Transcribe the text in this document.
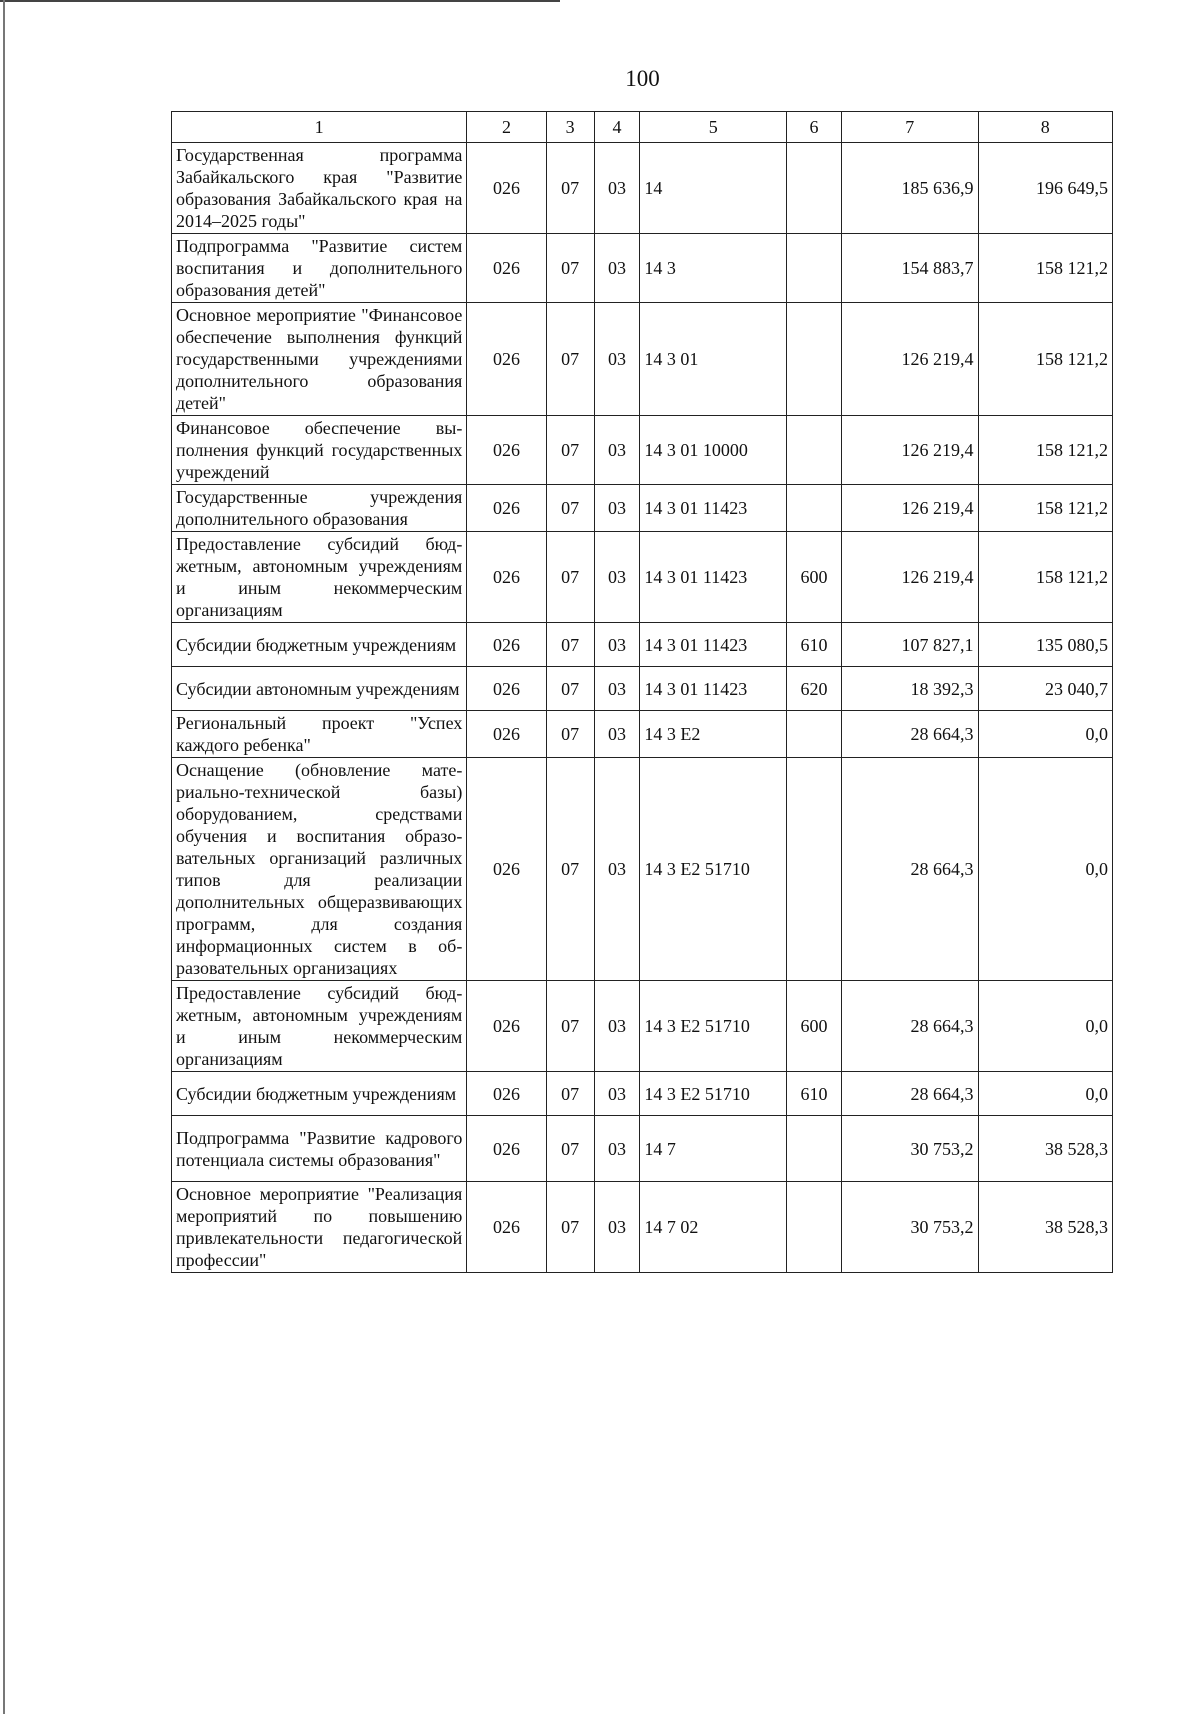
100
1	2	3	4	5	6	7	8
Государственная программа Забайкальского края "Развитие образования Забайкальского края на 2014–2025 годы"	026	07	03	14		185 636,9	196 649,5
Подпрограмма "Развитие систем воспитания и дополнительного образования детей"	026	07	03	14 3		154 883,7	158 121,2
Основное мероприятие "Финансовое обеспечение выполнения функций государственными учреждениями дополнительного образования детей"	026	07	03	14 3 01		126 219,4	158 121,2
Финансовое обеспечение выполнения функций государственных учреждений	026	07	03	14 3 01 10000		126 219,4	158 121,2
Государственные учреждения дополнительного образования	026	07	03	14 3 01 11423		126 219,4	158 121,2
Предоставление субсидий бюджетным, автономным учреждениям и иным некоммерческим организациям	026	07	03	14 3 01 11423	600	126 219,4	158 121,2
Субсидии бюджетным учреждениям	026	07	03	14 3 01 11423	610	107 827,1	135 080,5
Субсидии автономным учреждениям	026	07	03	14 3 01 11423	620	18 392,3	23 040,7
Региональный проект "Успех каждого ребенка"	026	07	03	14 3 E2		28 664,3	0,0
Оснащение (обновление материально-технической базы) оборудованием, средствами обучения и воспитания образовательных организаций различных типов для реализации дополнительных общеразвивающих программ, для создания информационных систем в образовательных организациях	026	07	03	14 3 E2 51710		28 664,3	0,0
Предоставление субсидий бюджетным, автономным учреждениям и иным некоммерческим организациям	026	07	03	14 3 E2 51710	600	28 664,3	0,0
Субсидии бюджетным учреждениям	026	07	03	14 3 E2 51710	610	28 664,3	0,0
Подпрограмма "Развитие кадрового потенциала системы образования"	026	07	03	14 7		30 753,2	38 528,3
Основное мероприятие "Реализация мероприятий по повышению привлекательности педагогической профессии"	026	07	03	14 7 02		30 753,2	38 528,3
